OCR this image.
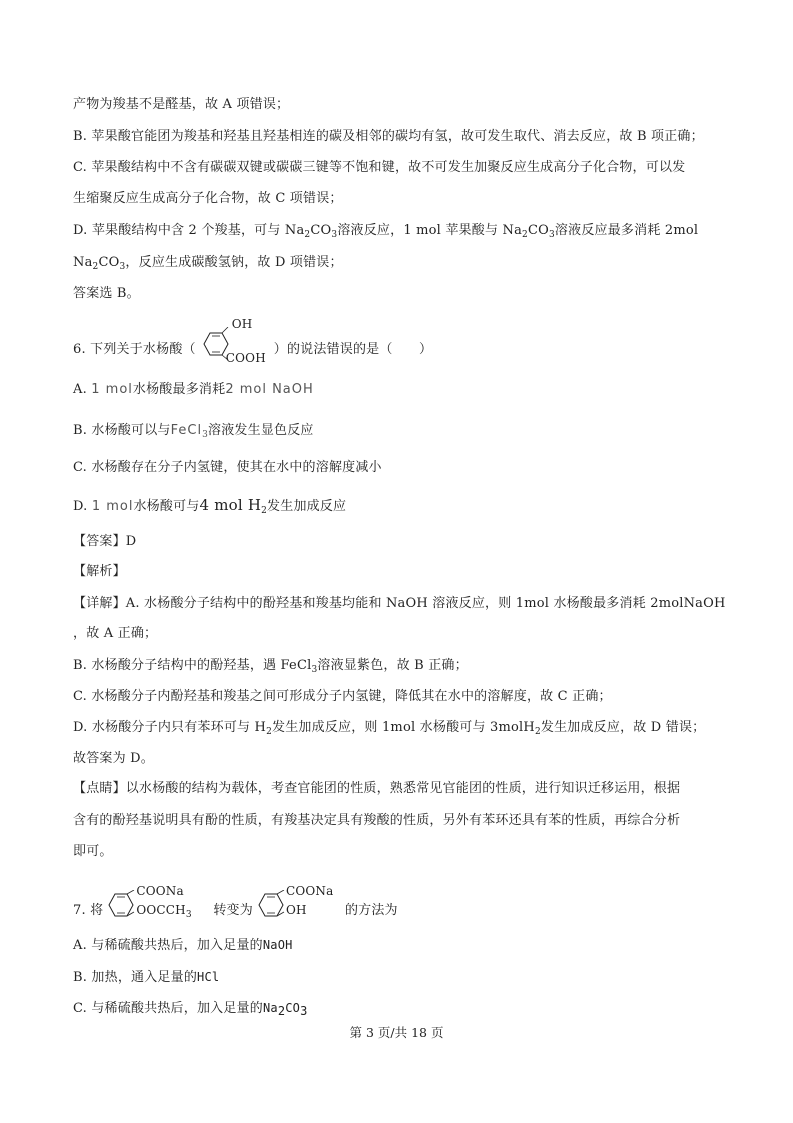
产物为羧基不是醛基，故 A 项错误；
B. 苹果酸官能团为羧基和羟基且羟基相连的碳及相邻的碳均有氢，故可发生取代、消去反应，故 B 项正确；
C. 苹果酸结构中不含有碳碳双键或碳碳三键等不饱和键，故不可发生加聚反应生成高分子化合物，可以发
生缩聚反应生成高分子化合物，故 C 项错误；
D. 苹果酸结构中含 2 个羧基，可与 $Na_2CO_3$溶液反应，1 mol 苹果酸与 $Na_2CO_3$溶液反应最多消耗 2mol
$Na_2CO_3$，反应生成碳酸氢钠，故 D 项错误；
答案选 B。
6. 下列关于水杨酸（
OH
COOH
）的说法错误的是（　　）
A. 1 mol水杨酸最多消耗2 mol NaOH
B. 水杨酸可以与FeCl$_3$溶液发生显色反应
C. 水杨酸存在分子内氢键，使其在水中的溶解度减小
D. 1 mol水杨酸可与4 mol $H_2$发生加成反应
【答案】D
【解析】
【详解】A. 水杨酸分子结构中的酚羟基和羧基均能和 NaOH 溶液反应，则 1mol 水杨酸最多消耗 2molNaOH
，故 A 正确；
B. 水杨酸分子结构中的酚羟基，遇 FeCl$_3$溶液显紫色，故 B 正确；
C. 水杨酸分子内酚羟基和羧基之间可形成分子内氢键，降低其在水中的溶解度，故 C 正确；
D. 水杨酸分子内只有苯环可与 $H_2$发生加成反应，则 1mol 水杨酸可与 3molH$_2$发生加成反应，故 D 错误；
故答案为 D。
【点睛】以水杨酸的结构为载体，考查官能团的性质，熟悉常见官能团的性质，进行知识迁移运用，根据
含有的酚羟基说明具有酚的性质，有羧基决定具有羧酸的性质，另外有苯环还具有苯的性质，再综合分析
即可。
7. 将
COONa
$OOCCH_3$ 转变为
COONa
OH	的方法为
A. 与稀硫酸共热后，加入足量的NaOH
B. 加热，通入足量的HCl
C. 与稀硫酸共热后，加入足量的$Na_2CO_3$
第 3 页/共 18 页
